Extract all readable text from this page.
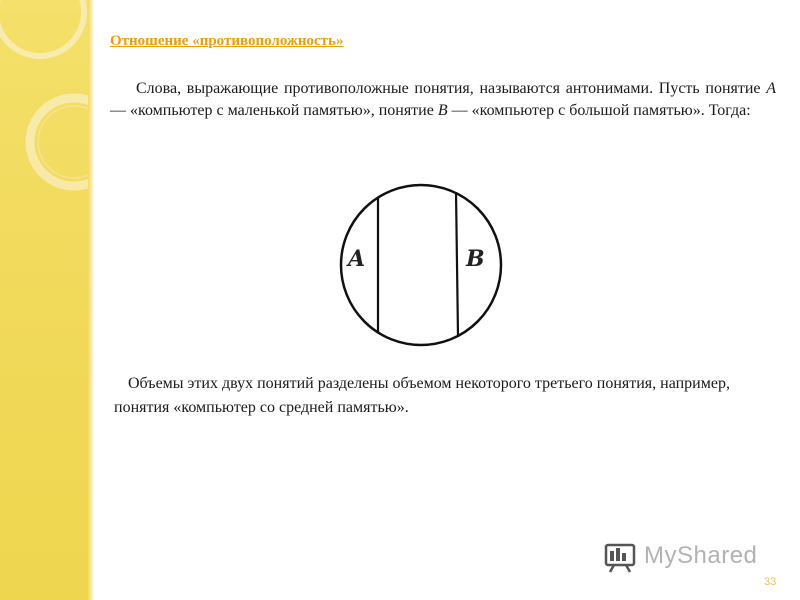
Отношение «противоположность»
Слова, выражающие противоположные понятия, называются антонимами. Пусть понятие A — «компьютер с маленькой памятью», понятие B — «компьютер с большой памятью». Тогда:
A	B
Объемы этих двух понятий разделены объемом некоторого третьего понятия, например, понятия «компьютер со средней памятью».
MyShared
33
